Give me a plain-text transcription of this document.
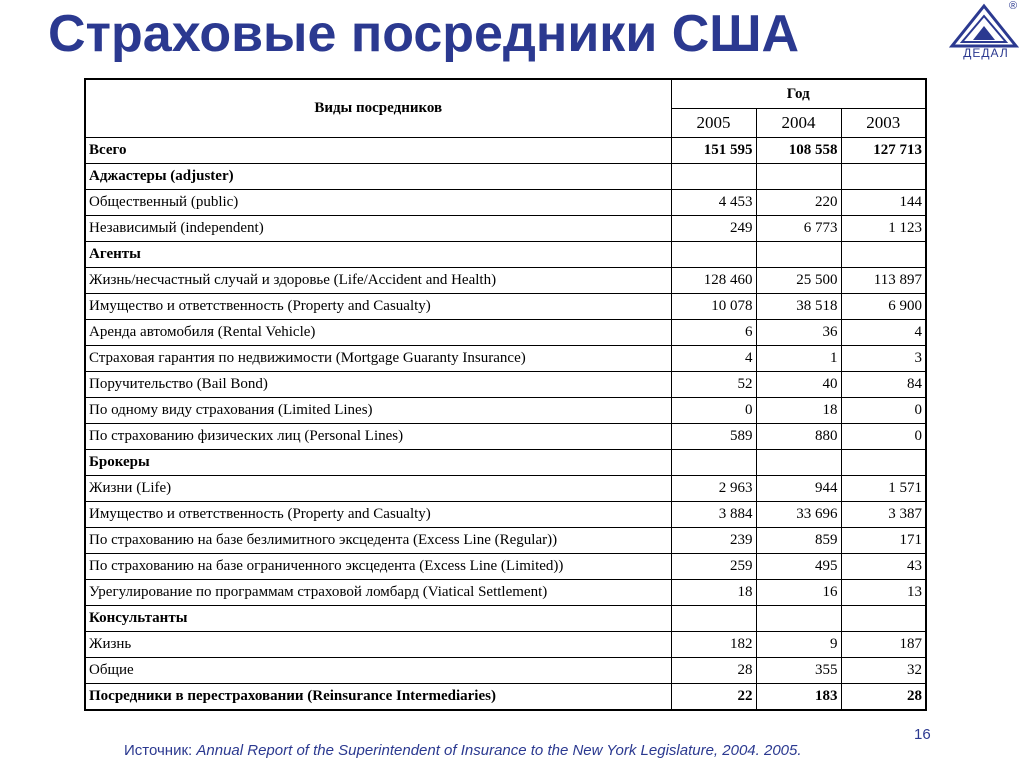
Страховые посредники США	ДЕДАЛ
®
Виды посредников	Год		
	2005	2004	2003
Всего	151 595	108 558	127 713
Аджастеры (adjuster)			
Общественный (public)	4 453	220	144
Независимый (independent)	249	6 773	1 123
Агенты			
Жизнь/несчастный случай и здоровье (Life/Accident and Health)	128 460	25 500	113 897
Имущество и ответственность (Property and Casualty)	10 078	38 518	6 900
Аренда автомобиля (Rental Vehicle)	6	36	4
Страховая гарантия по недвижимости (Mortgage Guaranty Insurance)	4	1	3
Поручительство (Bail Bond)	52	40	84
По одному виду страхования (Limited Lines)	0	18	0
По страхованию физических лиц (Personal Lines)	589	880	0
Брокеры			
Жизни (Life)	2 963	944	1 571
Имущество и ответственность (Property and Casualty)	3 884	33 696	3 387
По страхованию на базе безлимитного эксцедента (Excess Line (Regular))	239	859	171
По страхованию на базе ограниченного эксцедента (Excess Line (Limited))	259	495	43
Урегулирование по программам страховой ломбард (Viatical Settlement)	18	16	13
Консультанты			
Жизнь	182	9	187
Общие	28	355	32
Посредники в перестраховании (Reinsurance Intermediaries)	22	183	28
Источник: Annual Report of the Superintendent of Insurance to the New York Legislature, 2004. 2005.
16
